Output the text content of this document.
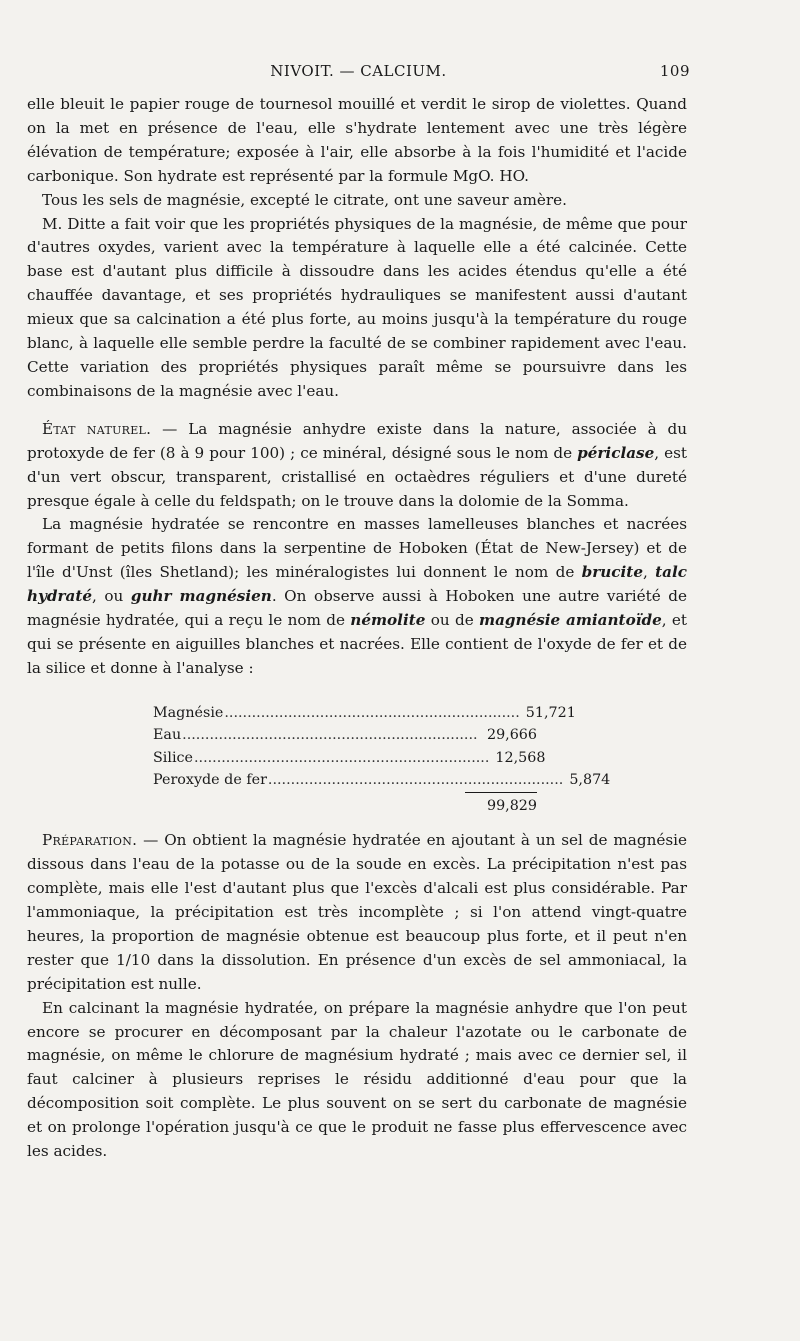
NIVOIT. — CALCIUM.	109

elle bleuit le papier rouge de tournesol mouillé et verdit le sirop de violettes. Quand on la met en présence de l'eau, elle s'hydrate lentement avec une très légère élévation de température; exposée à l'air, elle absorbe à la fois l'humidité et l'acide carbonique. Son hydrate est représenté par la formule MgO. HO.

Tous les sels de magnésie, excepté le citrate, ont une saveur amère.

M. Ditte a fait voir que les propriétés physiques de la magnésie, de même que pour d'autres oxydes, varient avec la température à laquelle elle a été calcinée. Cette base est d'autant plus difficile à dissoudre dans les acides étendus qu'elle a été chauffée davantage, et ses propriétés hydrauliques se manifestent aussi d'autant mieux que sa calcination a été plus forte, au moins jusqu'à la température du rouge blanc, à laquelle elle semble perdre la faculté de se combiner rapidement avec l'eau. Cette variation des propriétés physiques paraît même se poursuivre dans les combinaisons de la magnésie avec l'eau.

État naturel. — La magnésie anhydre existe dans la nature, associée à du protoxyde de fer (8 à 9 pour 100) ; ce minéral, désigné sous le nom de périclase, est d'un vert obscur, transparent, cristallisé en octaèdres réguliers et d'une dureté presque égale à celle du feldspath; on le trouve dans la dolomie de la Somma.

La magnésie hydratée se rencontre en masses lamelleuses blanches et nacrées formant de petits filons dans la serpentine de Hoboken (État de New-Jersey) et de l'île d'Unst (îles Shetland); les minéralogistes lui donnent le nom de brucite, talc hydraté, ou guhr magnésien. On observe aussi à Hoboken une autre variété de magnésie hydratée, qui a reçu le nom de némolite ou de magnésie amiantoïde, et qui se présente en aiguilles blanches et nacrées. Elle contient de l'oxyde de fer et de la silice et donne à l'analyse :

Magnésie ................................................................. 51,721
Eau ................................................................. 29,666
Silice ................................................................. 12,568
Peroxyde de fer ................................................................. 5,874
99,829

Préparation. — On obtient la magnésie hydratée en ajoutant à un sel de magnésie dissous dans l'eau de la potasse ou de la soude en excès. La précipitation n'est pas complète, mais elle l'est d'autant plus que l'excès d'alcali est plus considérable. Par l'ammoniaque, la précipitation est très incomplète ; si l'on attend vingt-quatre heures, la proportion de magnésie obtenue est beaucoup plus forte, et il peut n'en rester que 1/10 dans la dissolution. En présence d'un excès de sel ammoniacal, la précipitation est nulle.

En calcinant la magnésie hydratée, on prépare la magnésie anhydre que l'on peut encore se procurer en décomposant par la chaleur l'azotate ou le carbonate de magnésie, on même le chlorure de magnésium hydraté ; mais avec ce dernier sel, il faut calciner à plusieurs reprises le résidu additionné d'eau pour que la décomposition soit complète. Le plus souvent on se sert du carbonate de magnésie et on prolonge l'opération jusqu'à ce que le produit ne fasse plus effervescence avec les acides.
